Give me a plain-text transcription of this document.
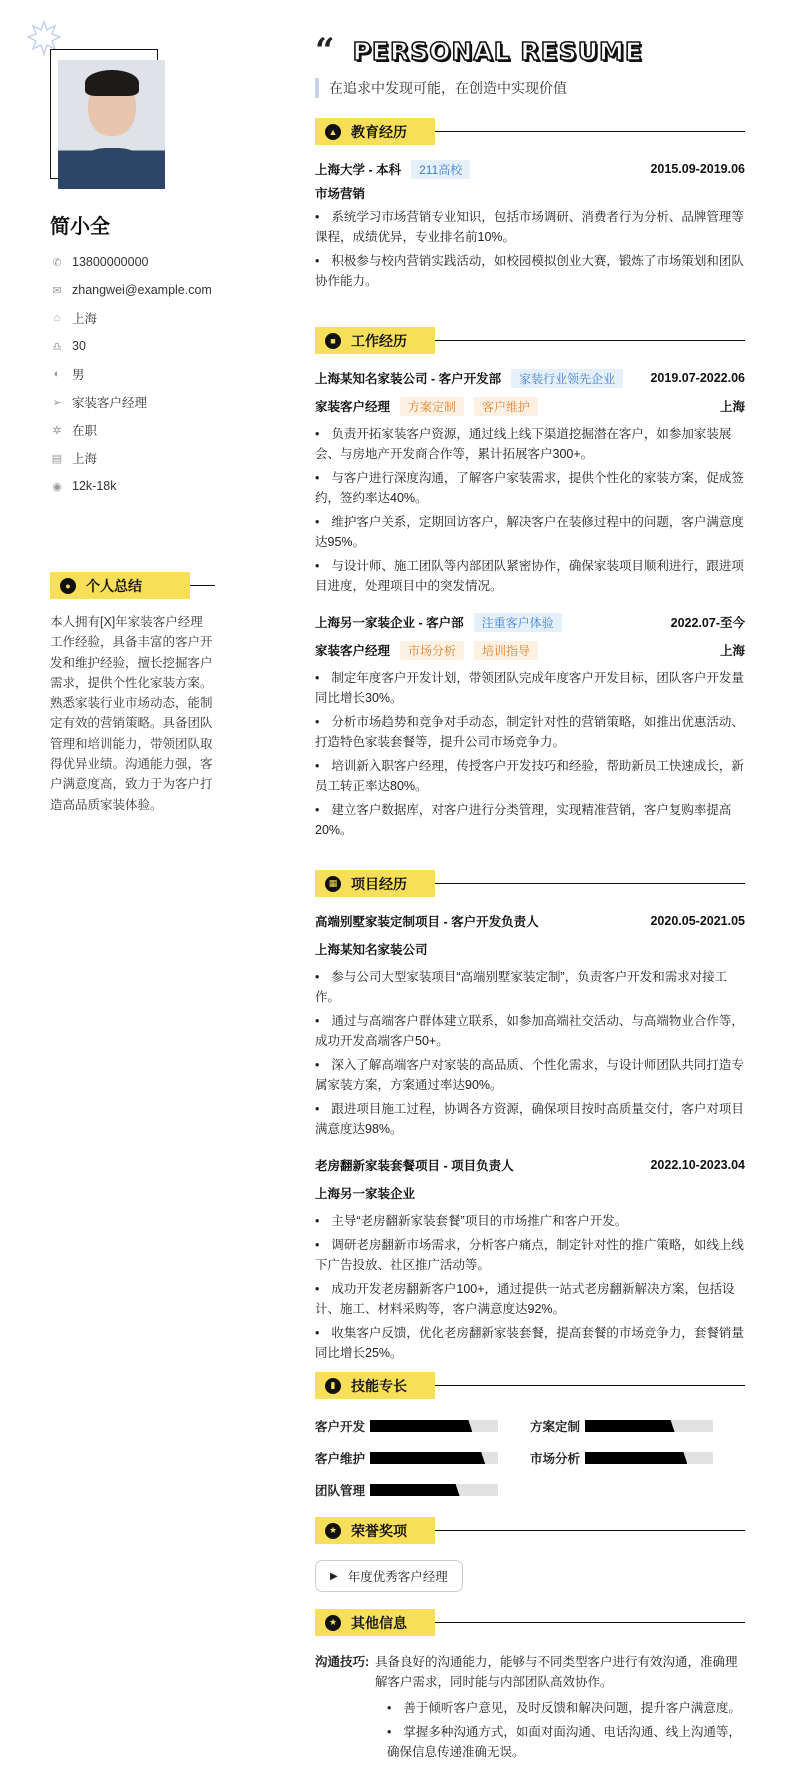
简小全
✆ 13800000000
✉ zhangwei@example.com
⌂ 上海
♎ 30
◐ 男
➢ 家装客户经理
✲ 在职
▤ 上海
◉ 12k-18k
●	个人总结
本人拥有[X]年家装客户经理工作经验，具备丰富的客户开发和维护经验，擅长挖掘客户需求，提供个性化家装方案。熟悉家装行业市场动态，能制定有效的营销策略。具备团队管理和培训能力，带领团队取得优异业绩。沟通能力强，客户满意度高，致力于为客户打造高品质家装体验。
“ PERSONAL RESUME
在追求中发现可能，在创造中实现价值
▲ 教育经历
上海大学 - 本科	211高校	2015.09-2019.06
市场营销
• 系统学习市场营销专业知识，包括市场调研、消费者行为分析、品牌管理等课程，成绩优异，专业排名前10%。
• 积极参与校内营销实践活动，如校园模拟创业大赛，锻炼了市场策划和团队协作能力。
■	工作经历
上海某知名家装公司 - 客户开发部	家装行业领先企业	2019.07-2022.06
家装客户经理	方案定制	客户维护	上海
• 负责开拓家装客户资源，通过线上线下渠道挖掘潜在客户，如参加家装展会、与房地产开发商合作等，累计拓展客户300+。
• 与客户进行深度沟通，了解客户家装需求，提供个性化的家装方案，促成签约，签约率达40%。
• 维护客户关系，定期回访客户，解决客户在装修过程中的问题，客户满意度达95%。
• 与设计师、施工团队等内部团队紧密协作，确保家装项目顺利进行，跟进项目进度，处理项目中的突发情况。
上海另一家装企业 - 客户部	注重客户体验	2022.07-至今
家装客户经理	市场分析	培训指导	上海
• 制定年度客户开发计划，带领团队完成年度客户开发目标，团队客户开发量同比增长30%。
• 分析市场趋势和竞争对手动态，制定针对性的营销策略，如推出优惠活动、打造特色家装套餐等，提升公司市场竞争力。
• 培训新入职客户经理，传授客户开发技巧和经验，帮助新员工快速成长，新员工转正率达80%。
• 建立客户数据库，对客户进行分类管理，实现精准营销，客户复购率提高20%。
▦ 项目经历
高端别墅家装定制项目 - 客户开发负责人	2020.05-2021.05
上海某知名家装公司
• 参与公司大型家装项目“高端别墅家装定制”，负责客户开发和需求对接工作。
• 通过与高端客户群体建立联系，如参加高端社交活动、与高端物业合作等，成功开发高端客户50+。
• 深入了解高端客户对家装的高品质、个性化需求，与设计师团队共同打造专属家装方案，方案通过率达90%。
• 跟进项目施工过程，协调各方资源，确保项目按时高质量交付，客户对项目满意度达98%。
老房翻新家装套餐项目 - 项目负责人	2022.10-2023.04
上海另一家装企业
• 主导“老房翻新家装套餐”项目的市场推广和客户开发。
• 调研老房翻新市场需求，分析客户痛点，制定针对性的推广策略，如线上线下广告投放、社区推广活动等。
• 成功开发老房翻新客户100+，通过提供一站式老房翻新解决方案，包括设计、施工、材料采购等，客户满意度达92%。
• 收集客户反馈，优化老房翻新家装套餐，提高套餐的市场竞争力，套餐销量同比增长25%。
▮	技能专长
客户开发	方案定制
客户维护	市场分析
团队管理
★ 荣誉奖项
▶ 年度优秀客户经理
★ 其他信息
沟通技巧: 具备良好的沟通能力，能够与不同类型客户进行有效沟通，准确理解客户需求，同时能与内部团队高效协作。
• 善于倾听客户意见，及时反馈和解决问题，提升客户满意度。
• 掌握多种沟通方式，如面对面沟通、电话沟通、线上沟通等，确保信息传递准确无误。
